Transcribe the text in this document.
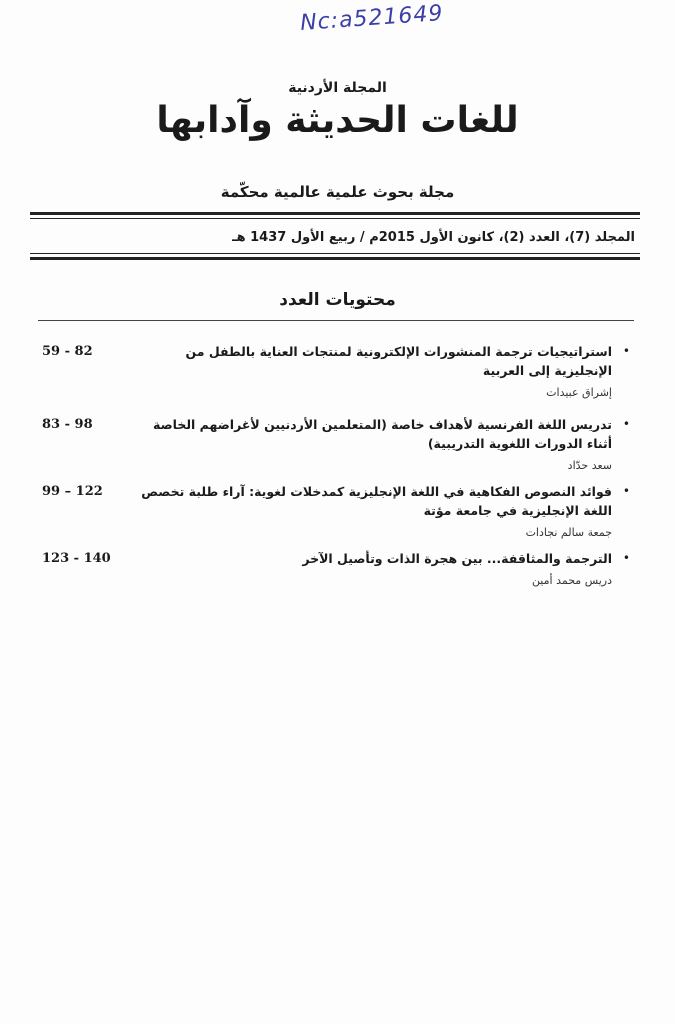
Nc:a521649
المجلة الأردنية
للغات الحديثة وآدابها
مجلة بحوث علمية عالمية محكّمة
المجلد (7)، العدد (2)، كانون الأول 2015م / ربيع الأول 1437 هـ
محتويات العدد
•
استراتيجيات ترجمة المنشورات الإلكترونية لمنتجات العناية بالطفل من الإنجليزية إلى العربية
59 - 82
إشراق عبيدات
•
تدريس اللغة الفرنسية لأهداف خاصة (المتعلمين الأردنيين لأغراضهم الخاصة أثناء الدورات اللغوية التدريبية)
83 - 98
سعد حدّاد
•
فوائد النصوص الفكاهية في اللغة الإنجليزية كمدخلات لغوية: آراء طلبة تخصص اللغة الإنجليزية في جامعة مؤتة
99 – 122
جمعة سالم نجادات
•
الترجمة والمثاقفة... بين هجرة الذات وتأصيل الآخر
123 - 140
دريس محمد أمين
